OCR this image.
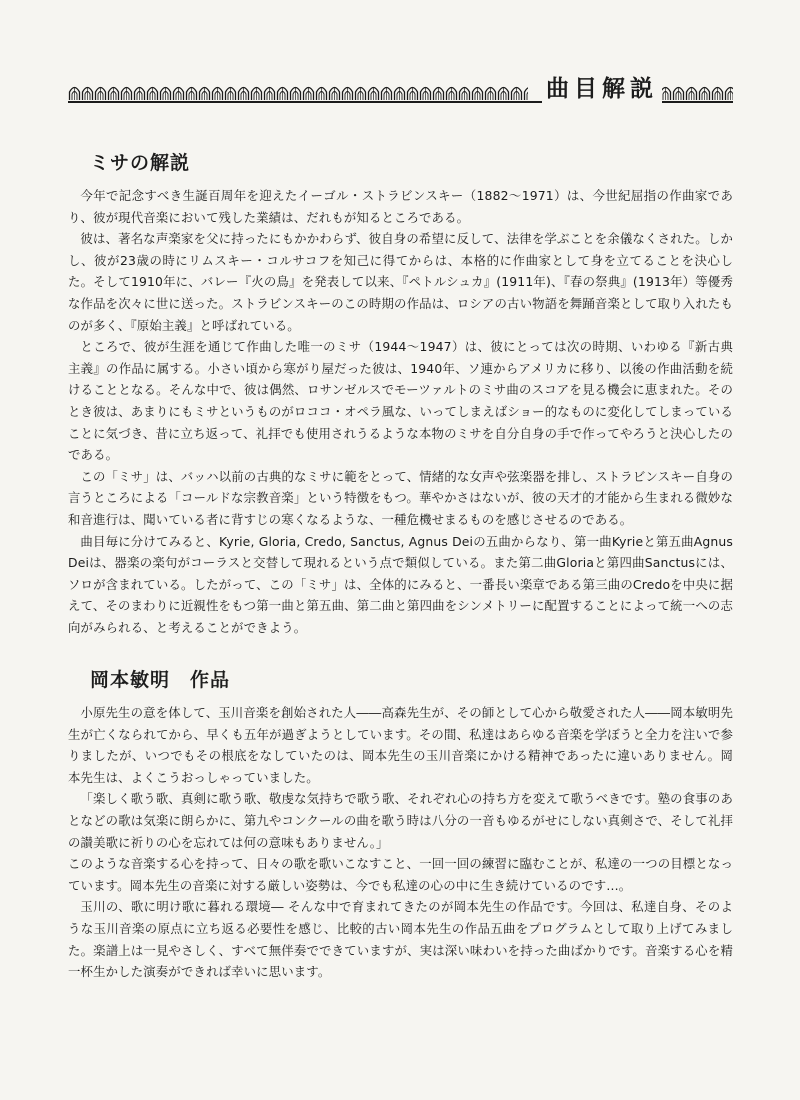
曲目解説
ミサの解説

今年で記念すべき生誕百周年を迎えたイーゴル・ストラビンスキー（1882～1971）は、今世紀屈指の作曲家であり、彼が現代音楽において残した業績は、だれもが知るところである。

彼は、著名な声楽家を父に持ったにもかかわらず、彼自身の希望に反して、法律を学ぶことを余儀なくされた。しかし、彼が23歳の時にリムスキー・コルサコフを知己に得てからは、本格的に作曲家として身を立てることを決心した。そして1910年に、バレー『火の鳥』を発表して以来、『ペトルシュカ』(1911年)、『春の祭典』(1913年）等優秀な作品を次々に世に送った。ストラビンスキーのこの時期の作品は、ロシアの古い物語を舞踊音楽として取り入れたものが多く、『原始主義』と呼ばれている。

ところで、彼が生涯を通じて作曲した唯一のミサ（1944～1947）は、彼にとっては次の時期、いわゆる『新古典主義』の作品に属する。小さい頃から寒がり屋だった彼は、1940年、ソ連からアメリカに移り、以後の作曲活動を続けることとなる。そんな中で、彼は偶然、ロサンゼルスでモーツァルトのミサ曲のスコアを見る機会に恵まれた。そのとき彼は、あまりにもミサというものがロココ・オペラ風な、いってしまえばショー的なものに変化してしまっていることに気づき、昔に立ち返って、礼拝でも使用されうるような本物のミサを自分自身の手で作ってやろうと決心したのである。

この「ミサ」は、バッハ以前の古典的なミサに範をとって、情緒的な女声や弦楽器を排し、ストラビンスキー自身の言うところによる「コールドな宗教音楽」という特徴をもつ。華やかさはないが、彼の天才的才能から生まれる微妙な和音進行は、聞いている者に背すじの寒くなるような、一種危機せまるものを感じさせるのである。

曲目毎に分けてみると、Kyrie, Gloria, Credo, Sanctus, Agnus Deiの五曲からなり、第一曲Kyrieと第五曲Agnus Deiは、器楽の楽句がコーラスと交替して現れるという点で類似している。また第二曲Gloriaと第四曲Sanctusには、ソロが含まれている。したがって、この「ミサ」は、全体的にみると、一番長い楽章である第三曲のCredoを中央に据えて、そのまわりに近親性をもつ第一曲と第五曲、第二曲と第四曲をシンメトリーに配置することによって統一への志向がみられる、と考えることができよう。

岡本敏明　作品

小原先生の意を体して、玉川音楽を創始された人――高森先生が、その師として心から敬愛された人――岡本敏明先生が亡くなられてから、早くも五年が過ぎようとしています。その間、私達はあらゆる音楽を学ぼうと全力を注いで参りましたが、いつでもその根底をなしていたのは、岡本先生の玉川音楽にかける精神であったに違いありません。岡本先生は、よくこうおっしゃっていました。

「楽しく歌う歌、真剣に歌う歌、敬虔な気持ちで歌う歌、それぞれ心の持ち方を変えて歌うべきです。塾の食事のあとなどの歌は気楽に朗らかに、第九やコンクールの曲を歌う時は八分の一音もゆるがせにしない真剣さで、そして礼拝の讃美歌に祈りの心を忘れては何の意味もありません。」

このような音楽する心を持って、日々の歌を歌いこなすこと、一回一回の練習に臨むことが、私達の一つの目標となっています。岡本先生の音楽に対する厳しい姿勢は、今でも私達の心の中に生き続けているのです…。

玉川の、歌に明け歌に暮れる環境― そんな中で育まれてきたのが岡本先生の作品です。今回は、私達自身、そのような玉川音楽の原点に立ち返る必要性を感じ、比較的古い岡本先生の作品五曲をプログラムとして取り上げてみました。楽譜上は一見やさしく、すべて無伴奏でできていますが、実は深い味わいを持った曲ばかりです。音楽する心を精一杯生かした演奏ができれば幸いに思います。
